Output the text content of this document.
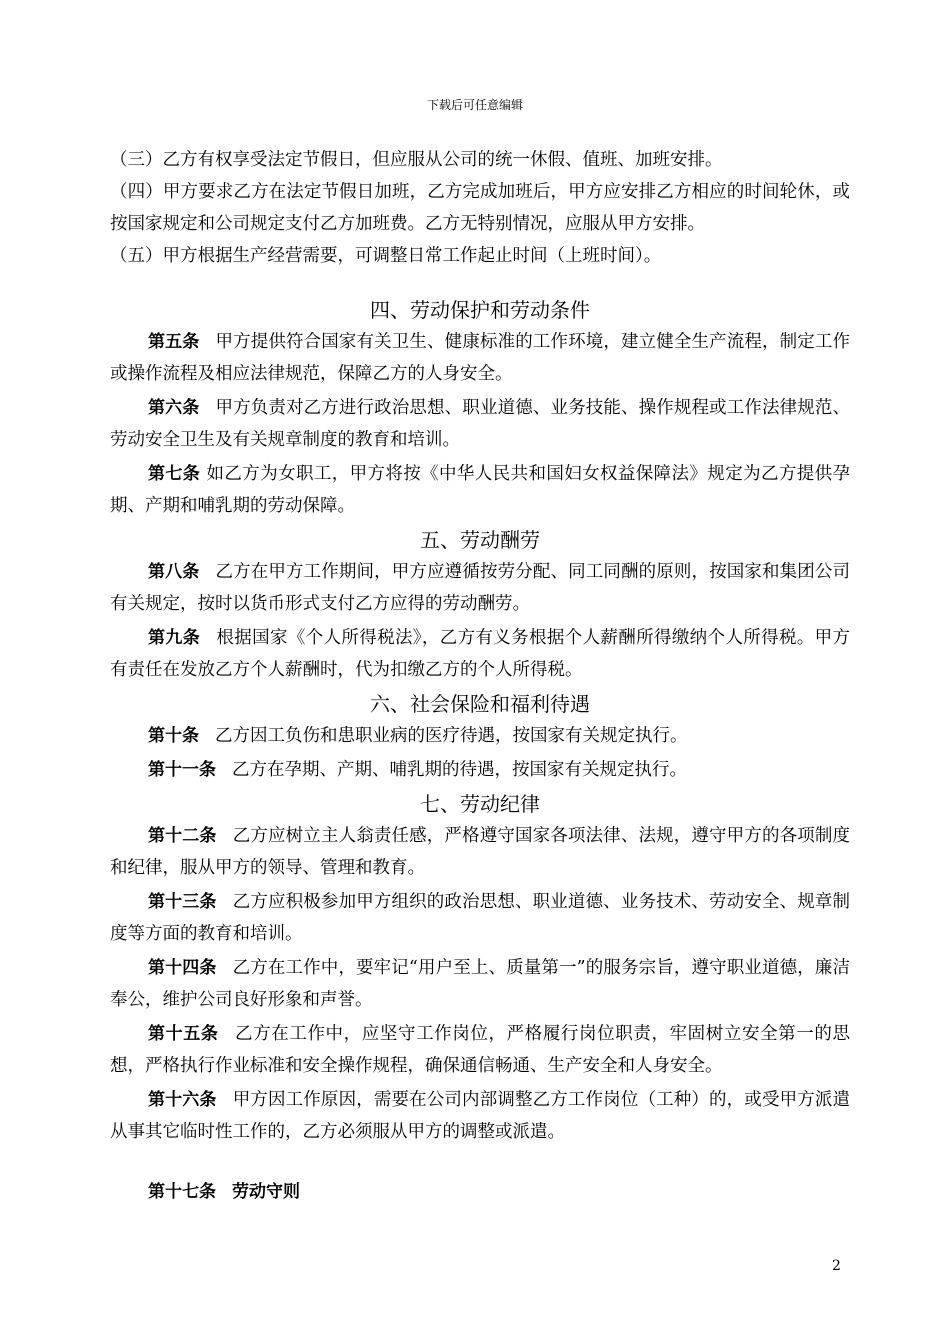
下载后可任意编辑

（三）乙方有权享受法定节假日，但应服从公司的统一休假、值班、加班安排。

（四）甲方要求乙方在法定节假日加班，乙方完成加班后，甲方应安排乙方相应的时间轮休，或按国家规定和公司规定支付乙方加班费。乙方无特别情况，应服从甲方安排。

（五）甲方根据生产经营需要，可调整日常工作起止时间（上班时间）。

四、劳动保护和劳动条件

第五条 甲方提供符合国家有关卫生、健康标准的工作环境，建立健全生产流程，制定工作或操作流程及相应法律规范，保障乙方的人身安全。

第六条 甲方负责对乙方进行政治思想、职业道德、业务技能、操作规程或工作法律规范、劳动安全卫生及有关规章制度的教育和培训。

第七条 如乙方为女职工，甲方将按《中华人民共和国妇女权益保障法》规定为乙方提供孕期、产期和哺乳期的劳动保障。

五、劳动酬劳

第八条 乙方在甲方工作期间，甲方应遵循按劳分配、同工同酬的原则，按国家和集团公司有关规定，按时以货币形式支付乙方应得的劳动酬劳。

第九条 根据国家《个人所得税法》，乙方有义务根据个人薪酬所得缴纳个人所得税。甲方有责任在发放乙方个人薪酬时，代为扣缴乙方的个人所得税。

六、社会保险和福利待遇

第十条 乙方因工负伤和患职业病的医疗待遇，按国家有关规定执行。

第十一条 乙方在孕期、产期、哺乳期的待遇，按国家有关规定执行。

七、劳动纪律

第十二条 乙方应树立主人翁责任感，严格遵守国家各项法律、法规，遵守甲方的各项制度和纪律，服从甲方的领导、管理和教育。

第十三条 乙方应积极参加甲方组织的政治思想、职业道德、业务技术、劳动安全、规章制度等方面的教育和培训。

第十四条 乙方在工作中，要牢记“用户至上、质量第一”的服务宗旨，遵守职业道德，廉洁奉公，维护公司良好形象和声誉。

第十五条 乙方在工作中，应坚守工作岗位，严格履行岗位职责，牢固树立安全第一的思想，严格执行作业标准和安全操作规程，确保通信畅通、生产安全和人身安全。

第十六条 甲方因工作原因，需要在公司内部调整乙方工作岗位（工种）的，或受甲方派遣从事其它临时性工作的，乙方必须服从甲方的调整或派遣。

第十七条 劳动守则

2
